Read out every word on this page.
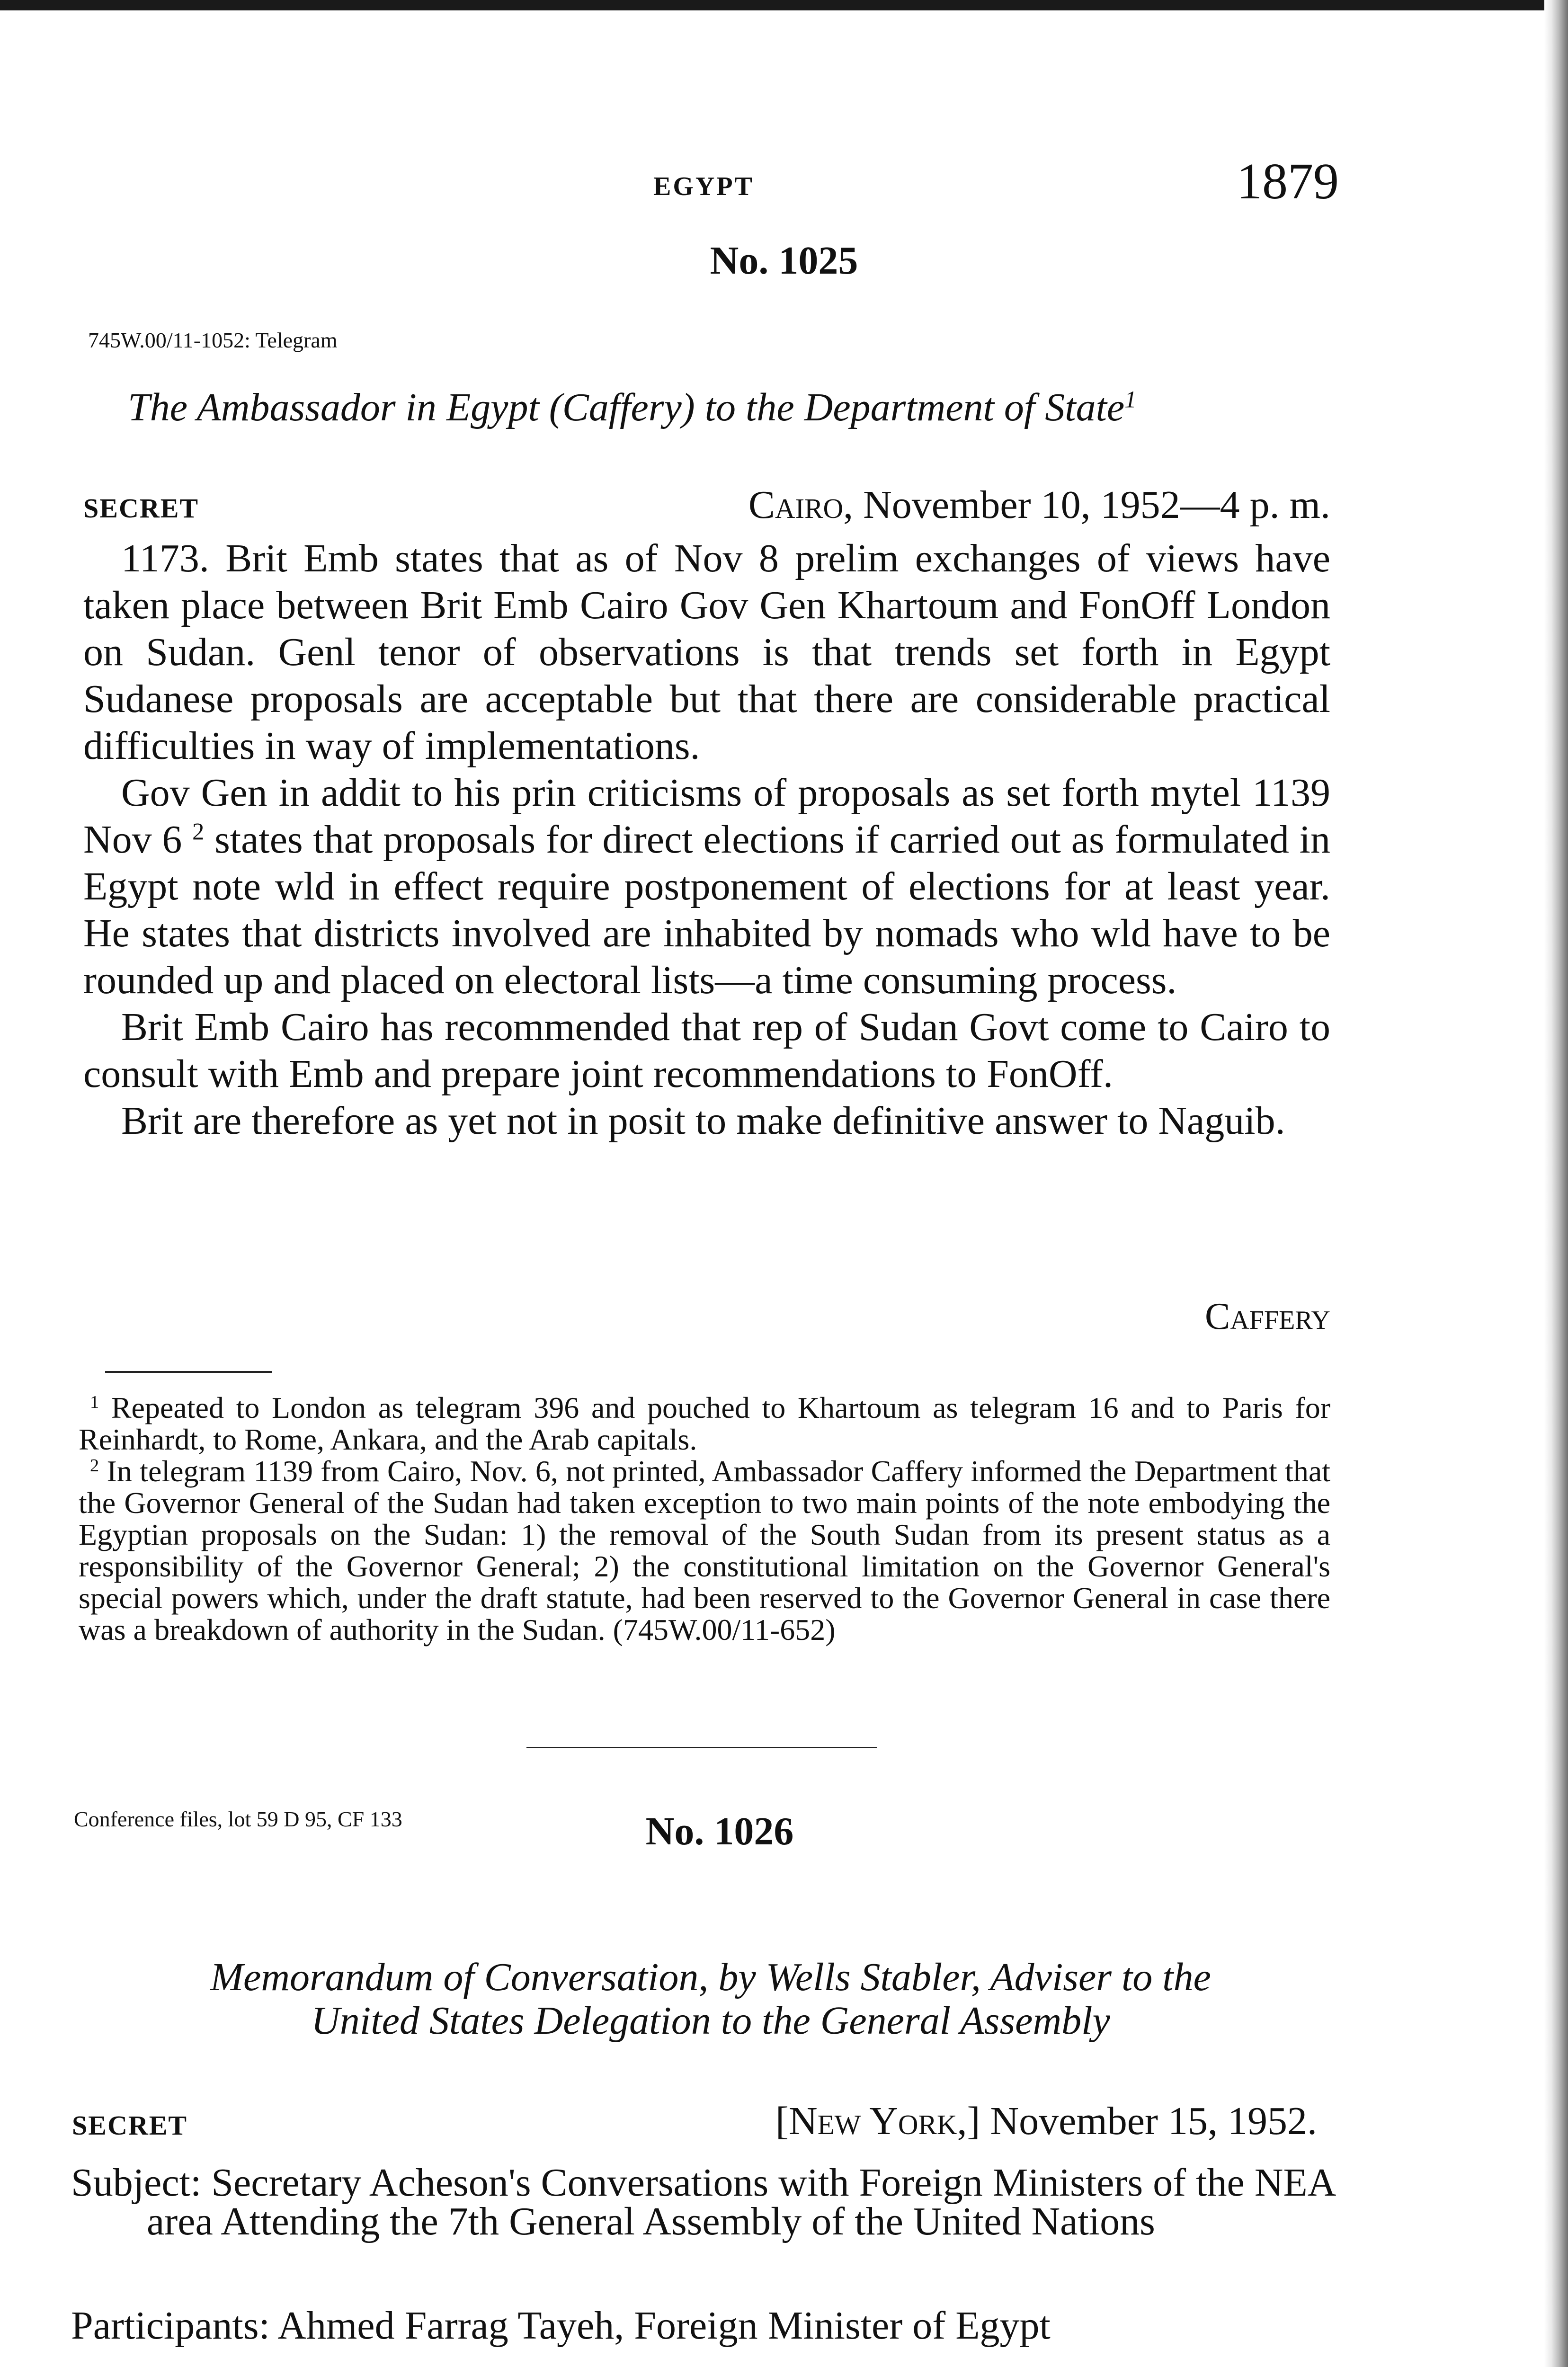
EGYPT	1879
No. 1025
745W.00/11-1052: Telegram
The Ambassador in Egypt (Caffery) to the Department of State$^1$
SECRET	Cairo, November 10, 1952—4 p. m.

1173. Brit Emb states that as of Nov 8 prelim exchanges of views have taken place between Brit Emb Cairo Gov Gen Khartoum and FonOff London on Sudan. Genl tenor of observations is that trends set forth in Egypt Sudanese proposals are acceptable but that there are considerable practical difficulties in way of implementations.

Gov Gen in addit to his prin criticisms of proposals as set forth mytel 1139 Nov 6 $^2$ states that proposals for direct elections if carried out as formulated in Egypt note wld in effect require postponement of elections for at least year. He states that districts involved are inhabited by nomads who wld have to be rounded up and placed on electoral lists—a time consuming process.

Brit Emb Cairo has recommended that rep of Sudan Govt come to Cairo to consult with Emb and prepare joint recommendations to FonOff.

Brit are therefore as yet not in posit to make definitive answer to Naguib.

Caffery

$^1$ Repeated to London as telegram 396 and pouched to Khartoum as telegram 16 and to Paris for Reinhardt, to Rome, Ankara, and the Arab capitals.

$^2$ In telegram 1139 from Cairo, Nov. 6, not printed, Ambassador Caffery informed the Department that the Governor General of the Sudan had taken exception to two main points of the note embodying the Egyptian proposals on the Sudan: 1) the removal of the South Sudan from its present status as a responsibility of the Governor General; 2) the constitutional limitation on the Governor General's special powers which, under the draft statute, had been reserved to the Governor General in case there was a breakdown of authority in the Sudan. (745W.00/11-652)

No. 1026
Conference files, lot 59 D 95, CF 133
Memorandum of Conversation, by Wells Stabler, Adviser to the
United States Delegation to the General Assembly
SECRET	[New York,] November 15, 1952.
Subject: Secretary Acheson's Conversations with Foreign Ministers of the NEA area Attending the 7th General Assembly of the United Nations
Participants: Ahmed Farrag Tayeh, Foreign Minister of Egypt
